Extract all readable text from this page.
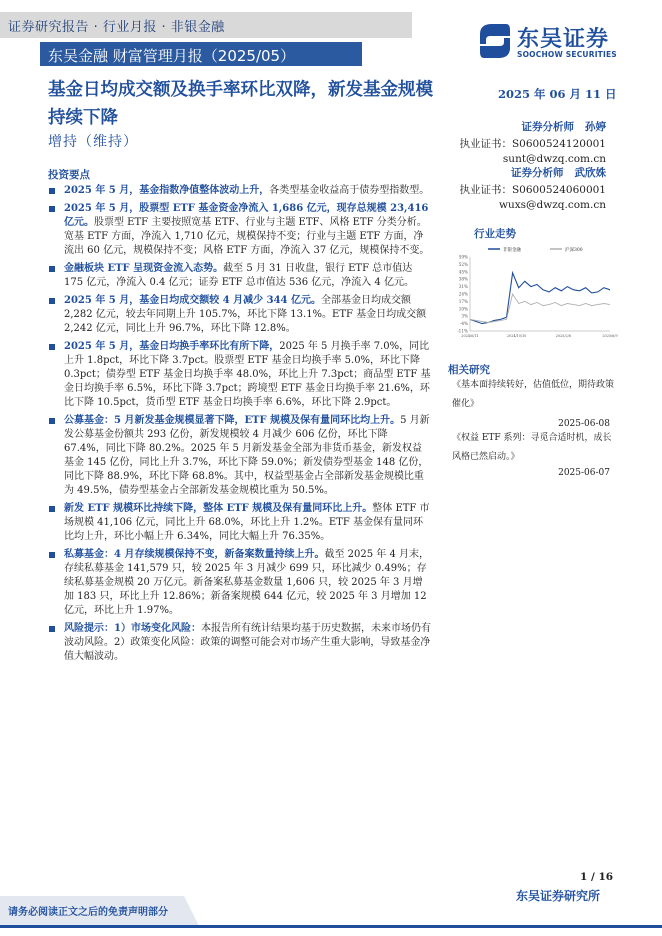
证券研究报告 · 行业月报 · 非银金融
东吴金融 财富管理月报（2025/05）
东吴证券
SOOCHOW SECURITIES
基金日均成交额及换手率环比双降，新发基金规模持续下降
增持（维持）
2025 年 06 月 11 日
证券分析师 孙婷
执业证书：S0600524120001
sunt@dwzq.com.cn
证券分析师 武欣姝
执业证书：S0600524060001
wuxs@dwzq.com.cn
行业走势
非银金融	沪深300
59%
52%
45%
38%
31%
24%
17%
10%
3%
-4%
-11%
2024/6/11	2024/10/10	2025/2/8	2025/6/9
相关研究
《基本面持续转好，估值低位，期待政策催化》
2025-06-08
《权益 ETF 系列：寻觅合适时机，成长风格已然启动。》
2025-06-07
投资要点
2025 年 5 月，基金指数净值整体波动上升，各类型基金收益高于债券型指数型。
2025 年 5 月，股票型 ETF 基金资金净流入 1,686 亿元，现存总规模 23,416 亿元。股票型 ETF 主要按照宽基 ETF、行业与主题 ETF、风格 ETF 分类分析。宽基 ETF 方面，净流入 1,710 亿元，规模保持不变；行业与主题 ETF 方面，净流出 60 亿元，规模保持不变；风格 ETF 方面，净流入 37 亿元，规模保持不变。
金融板块 ETF 呈现资金流入态势。截至 5 月 31 日收盘，银行 ETF 总市值达 175 亿元，净流入 0.4 亿元；证券 ETF 总市值达 536 亿元，净流入 4 亿元。
2025 年 5 月，基金日均成交额较 4 月减少 344 亿元。全部基金日均成交额 2,282 亿元，较去年同期上升 105.7%，环比下降 13.1%。ETF 基金日均成交额 2,242 亿元，同比上升 96.7%，环比下降 12.8%。
2025 年 5 月，基金日均换手率环比有所下降，2025 年 5 月换手率 7.0%，同比上升 1.8pct，环比下降 3.7pct。股票型 ETF 基金日均换手率 5.0%，环比下降 0.3pct；债券型 ETF 基金日均换手率 48.0%，环比上升 7.3pct；商品型 ETF 基金日均换手率 6.5%，环比下降 3.7pct；跨境型 ETF 基金日均换手率 21.6%，环比下降 10.5pct，货币型 ETF 基金日均换手率 6.6%，环比下降 2.9pct。
公募基金：5 月新发基金规模显著下降，ETF 规模及保有量同环比均上升。5 月新发公募基金份额共 293 亿份，新发规模较 4 月减少 606 亿份，环比下降 67.4%，同比下降 80.2%。2025 年 5 月新发基金全部为非货币基金，新发权益基金 145 亿份，同比上升 3.7%，环比下降 59.0%；新发债券型基金 148 亿份，同比下降 88.9%，环比下降 68.8%。其中，权益型基金占全部新发基金规模比重为 49.5%，债券型基金占全部新发基金规模比重为 50.5%。
新发 ETF 规模环比持续下降，整体 ETF 规模及保有量同环比上升。整体 ETF 市场规模 41,106 亿元，同比上升 68.0%，环比上升 1.2%。ETF 基金保有量同环比均上升，环比小幅上升 6.34%，同比大幅上升 76.35%。
私募基金：4 月存续规模保持不变，新备案数量持续上升。截至 2025 年 4 月末，存续私募基金 141,579 只，较 2025 年 3 月减少 699 只，环比减少 0.49%；存续私募基金规模 20 万亿元。新备案私募基金数量 1,606 只，较 2025 年 3 月增加 183 只，环比上升 12.86%；新备案规模 644 亿元，较 2025 年 3 月增加 12 亿元，环比上升 1.97%。
风险提示：1）市场变化风险：本报告所有统计结果均基于历史数据，未来市场仍有波动风险。2）政策变化风险：政策的调整可能会对市场产生重大影响，导致基金净值大幅波动。
1 / 16
请务必阅读正文之后的免责声明部分
东吴证券研究所
